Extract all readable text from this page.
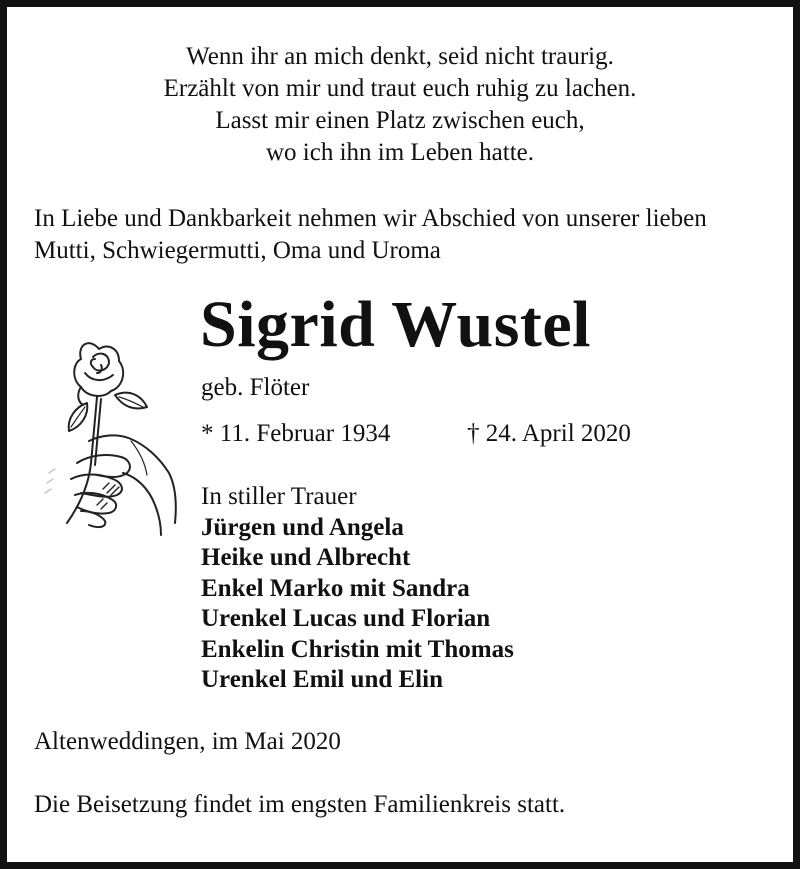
Wenn ihr an mich denkt, seid nicht traurig.
Erzählt von mir und traut euch ruhig zu lachen.
Lasst mir einen Platz zwischen euch,
wo ich ihn im Leben hatte.
In Liebe und Dankbarkeit nehmen wir Abschied von unserer lieben
Mutti, Schwiegermutti, Oma und Uroma
Sigrid Wustel
geb. Flöter
* 11. Februar 1934	† 24. April 2020
In stiller Trauer
Jürgen und Angela
Heike und Albrecht
Enkel Marko mit Sandra
Urenkel Lucas und Florian
Enkelin Christin mit Thomas
Urenkel Emil und Elin
Altenweddingen, im Mai 2020
Die Beisetzung findet im engsten Familienkreis statt.
